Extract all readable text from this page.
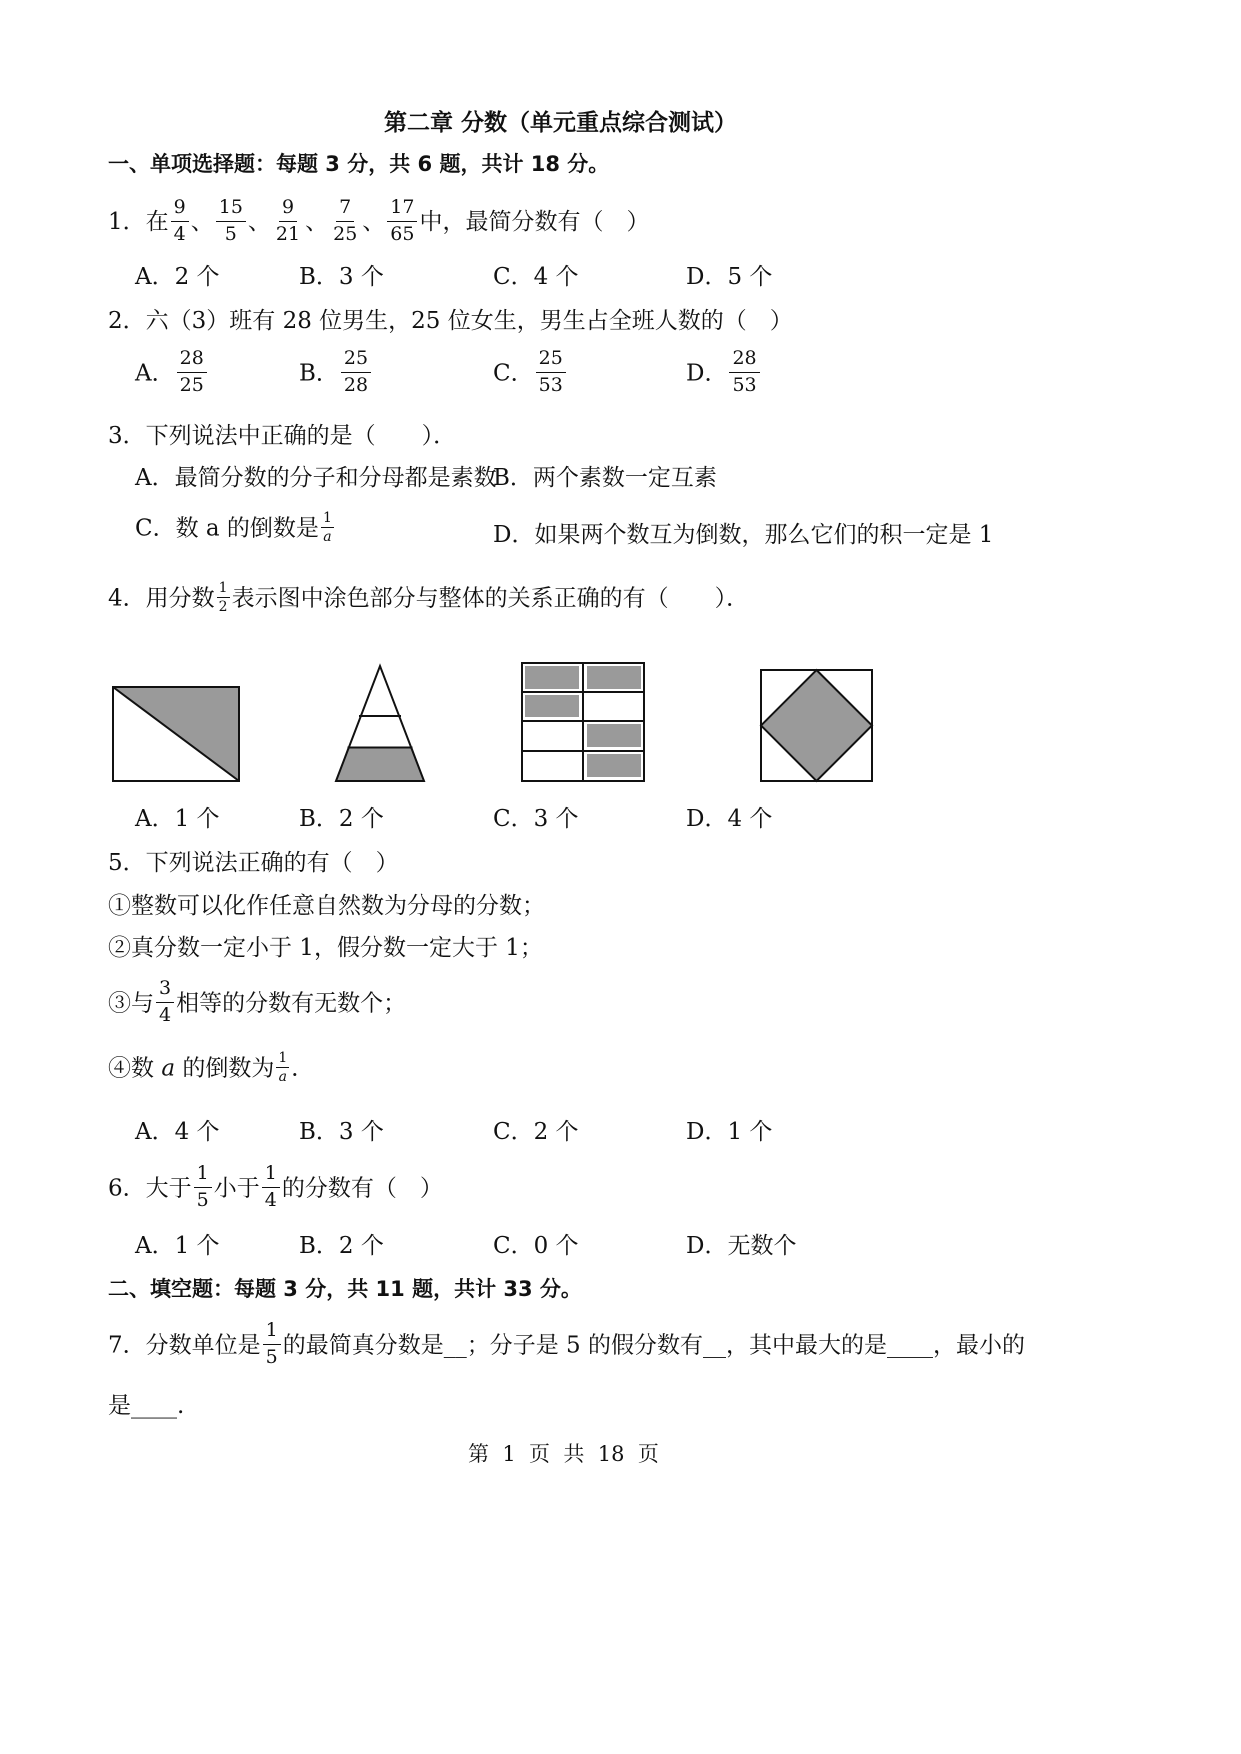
第二章 分数（单元重点综合测试）
一、单项选择题：每题 3 分，共 6 题，共计 18 分。
1．在 $\frac{9}{4}$ 、 $\frac{15}{5}$ 、 $\frac{9}{21}$ 、 $\frac{7}{25}$ 、 $\frac{17}{65}$ 中，最简分数有（　）
A．2 个	B．3 个	C．4 个	D．5 个
2．六（3）班有 28 位男生，25 位女生，男生占全班人数的（　）
A． $\frac{28}{25}$	B． $\frac{25}{28}$	C． $\frac{25}{53}$	D． $\frac{28}{53}$
3．下列说法中正确的是（　　）．
A．最简分数的分子和分母都是素数
B．两个素数一定互素
C．数 a 的倒数是 $\frac{1}{a}$	D．如果两个数互为倒数，那么它们的积一定是 1
4．用分数 $\frac{1}{2}$ 表示图中涂色部分与整体的关系正确的有（　　）．
A．1 个	B．2 个	C．3 个	D．4 个
5．下列说法正确的有（　）
①整数可以化作任意自然数为分母的分数；
②真分数一定小于 1，假分数一定大于 1；
③与 $\frac{3}{4}$ 相等的分数有无数个；
④数 a 的倒数为 $\frac{1}{a}$ ．
A．4 个	B．3 个	C．2 个	D．1 个
6．大于 $\frac{1}{5}$ 小于 $\frac{1}{4}$ 的分数有（　）
A．1 个	B．2 个	C．0 个	D．无数个
二、填空题：每题 3 分，共 11 题，共计 33 分。
7．分数单位是 $\frac{1}{5}$ 的最简真分数是__；分子是 5 的假分数有__，其中最大的是____，最小的
是____.
第  1  页  共  18  页
